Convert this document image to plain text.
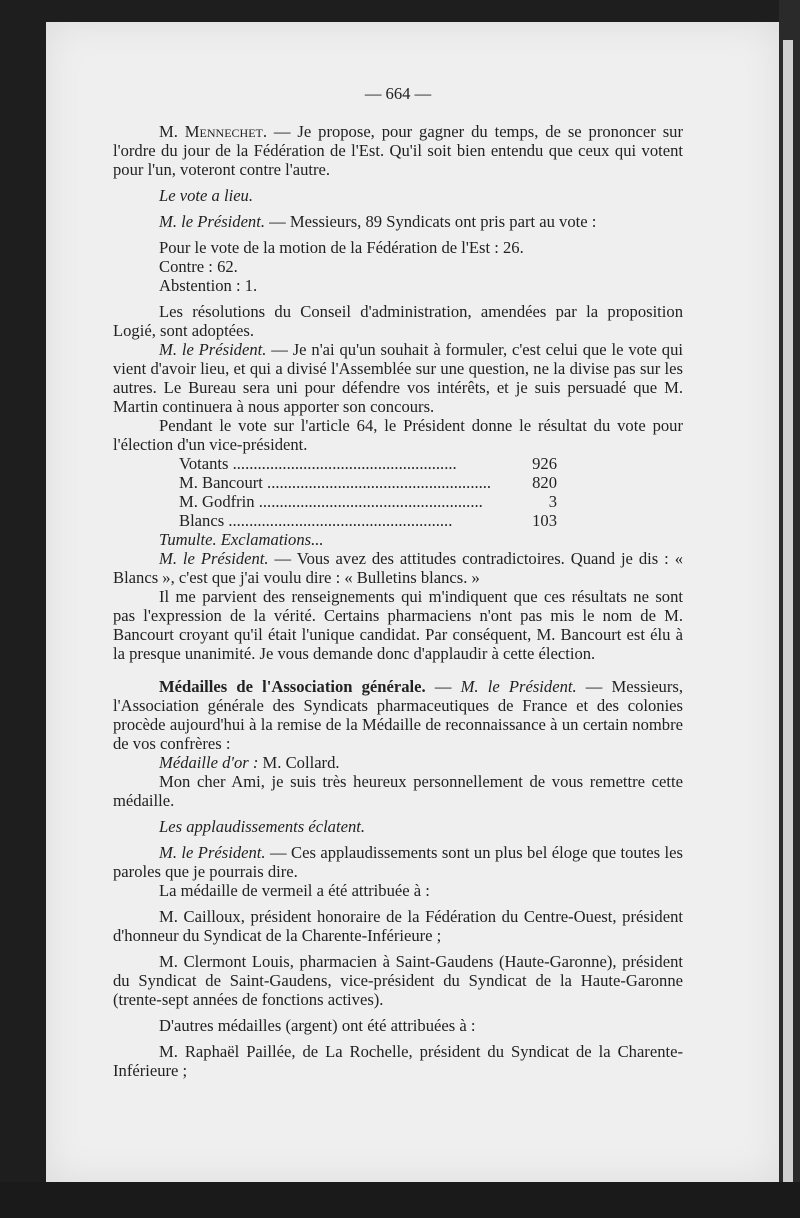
— 664 —

M. Mennechet. — Je propose, pour gagner du temps, de se prononcer sur l'ordre du jour de la Fédération de l'Est. Qu'il soit bien entendu que ceux qui votent pour l'un, voteront contre l'autre.

Le vote a lieu.

M. le Président. — Messieurs, 89 Syndicats ont pris part au vote :

Pour le vote de la motion de la Fédération de l'Est : 26.

Contre : 62.

Abstention : 1.

Les résolutions du Conseil d'administration, amendées par la proposition Logié, sont adoptées.

M. le Président. — Je n'ai qu'un souhait à formuler, c'est celui que le vote qui vient d'avoir lieu, et qui a divisé l'Assemblée sur une question, ne la divise pas sur les autres. Le Bureau sera uni pour défendre vos intérêts, et je suis persuadé que M. Martin continuera à nous apporter son concours.

Pendant le vote sur l'article 64, le Président donne le résultat du vote pour l'élection d'un vice-président.

Votants .....	926
M. Bancourt .....	820
M. Godfrin .....	3
Blancs .....	103

Tumulte. Exclamations...

M. le Président. — Vous avez des attitudes contradictoires. Quand je dis : « Blancs », c'est que j'ai voulu dire : « Bulletins blancs. »

Il me parvient des renseignements qui m'indiquent que ces résultats ne sont pas l'expression de la vérité. Certains pharmaciens n'ont pas mis le nom de M. Bancourt croyant qu'il était l'unique candidat. Par conséquent, M. Bancourt est élu à la presque unanimité. Je vous demande donc d'applaudir à cette élection.

Médailles de l'Association générale. — M. le Président. — Messieurs, l'Association générale des Syndicats pharmaceutiques de France et des colonies procède aujourd'hui à la remise de la Médaille de reconnaissance à un certain nombre de vos confrères :

Médaille d'or : M. Collard.

Mon cher Ami, je suis très heureux personnellement de vous remettre cette médaille.

Les applaudissements éclatent.

M. le Président. — Ces applaudissements sont un plus bel éloge que toutes les paroles que je pourrais dire.

La médaille de vermeil a été attribuée à :

M. Cailloux, président honoraire de la Fédération du Centre-Ouest, président d'honneur du Syndicat de la Charente-Inférieure ;

M. Clermont Louis, pharmacien à Saint-Gaudens (Haute-Garonne), président du Syndicat de Saint-Gaudens, vice-président du Syndicat de la Haute-Garonne (trente-sept années de fonctions actives).

D'autres médailles (argent) ont été attribuées à :

M. Raphaël Paillée, de La Rochelle, président du Syndicat de la Charente-Inférieure ;
